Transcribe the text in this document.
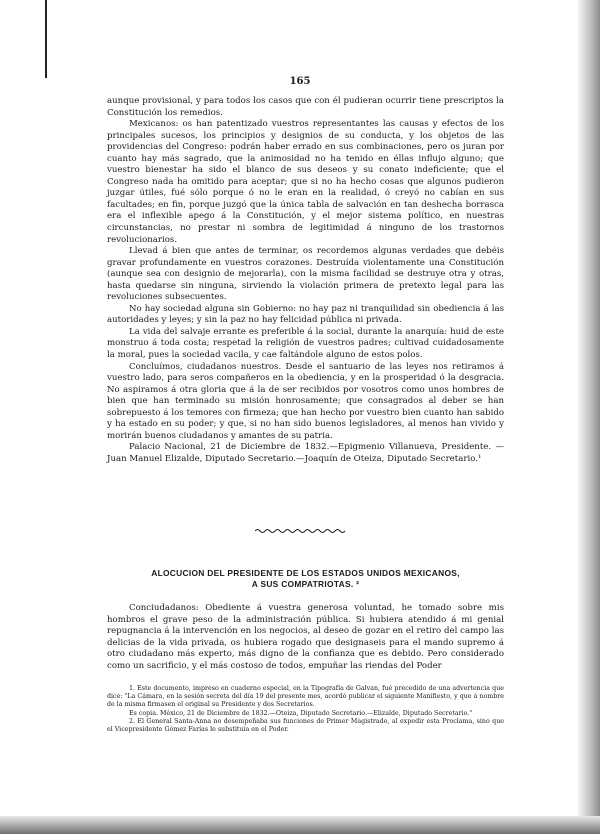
165

aunque provisional, y para todos los casos que con él pudieran ocurrir tiene prescriptos la Constitución los remedios.

Mexicanos: os han patentizado vuestros representantes las causas y efectos de los principales sucesos, los principios y designios de su conducta, y los objetos de las providencias del Congreso: podrán haber errado en sus combinaciones, pero os juran por cuanto hay más sagrado, que la animosidad no ha tenido en éllas influjo alguno; que vuestro bienestar ha sido el blanco de sus deseos y su conato indeficiente; que el Congreso nada ha omitido para aceptar; que si no ha hecho cosas que algunos pudieron juzgar útiles, fué sólo porque ó no le eran en la realidad, ó creyó no cabían en sus facultades; en fin, porque juzgó que la única tabla de salvación en tan deshecha borrasca era el inflexible apego á la Constitución, y el mejor sistema político, en nuestras circunstancias, no prestar ni sombra de legitimidad á ninguno de los trastornos revolucionarios.

Llevad á bien que antes de terminar, os recordemos algunas verdades que debéis gravar profundamente en vuestros corazones. Destruída violentamente una Constitución (aunque sea con designio de mejorarla), con la misma facilidad se destruye otra y otras, hasta quedarse sin ninguna, sirviendo la violación primera de pretexto legal para las revoluciones subsecuentes.

No hay sociedad alguna sin Gobierno: no hay paz ni tranquilidad sin obediencia á las autoridades y leyes; y sin la paz no hay felicidad pública ni privada.

La vida del salvaje errante es preferible á la social, durante la anarquía: huid de este monstruo á toda costa; respetad la religión de vuestros padres; cultivad cuidadosamente la moral, pues la sociedad vacila, y cae faltándole alguno de estos polos.

Concluímos, ciudadanos nuestros. Desde el santuario de las leyes nos retiramos á vuestro lado, para seros compañeros en la obediencia, y en la prosperidad ó la desgracia. No aspiramos á otra gloria que á la de ser recibidos por vosotros como unos hombres de bien que han terminado su misión honrosamente; que consagrados al deber se han sobrepuesto á los temores con firmeza; que han hecho por vuestro bien cuanto han sabido y ha estado en su poder; y que, si no han sido buenos legisladores, al menos han vivido y morirán buenos ciudadanos y amantes de su patria.

Palacio Nacional, 21 de Diciembre de 1832.—Epigmenio Villanueva, Presidente. —Juan Manuel Elizalde, Diputado Secretario.—Joaquín de Oteiza, Diputado Secretario.¹

ALOCUCION DEL PRESIDENTE DE LOS ESTADOS UNIDOS MEXICANOS,
A SUS COMPATRIOTAS. ²

Conciudadanos: Obediente á vuestra generosa voluntad, he tomado sobre mis hombros el grave peso de la administración pública. Si hubiera atendido á mi genial repugnancia á la intervención en los negocios, al deseo de gozar en el retiro del campo las delicias de la vida privada, os hubiera rogado que designaseis para el mando supremo á otro ciudadano más experto, más digno de la confianza que es debido. Pero considerado como un sacrificio, y el más costoso de todos, empuñar las riendas del Poder

1. Este documento, impreso en cuaderno especial, en la Tipografía de Galvan, fué precedido de una advertencia que dice: "La Cámara, en la sesión secreta del día 19 del presente mes, acordó publicar el siguiente Manifiesto, y que á nombre de la misma firmasen el original su Presidente y dos Secretarios.

Es copia. México, 21 de Diciembre de 1832.—Oteiza, Diputado Secretario.—Elizalde, Diputado Secretario."

2. El General Santa-Anna no desempeñaba sus funciones de Primer Magistrado, al expedir esta Proclama, sino que el Vicepresidente Gómez Farías le substituía en el Poder.
